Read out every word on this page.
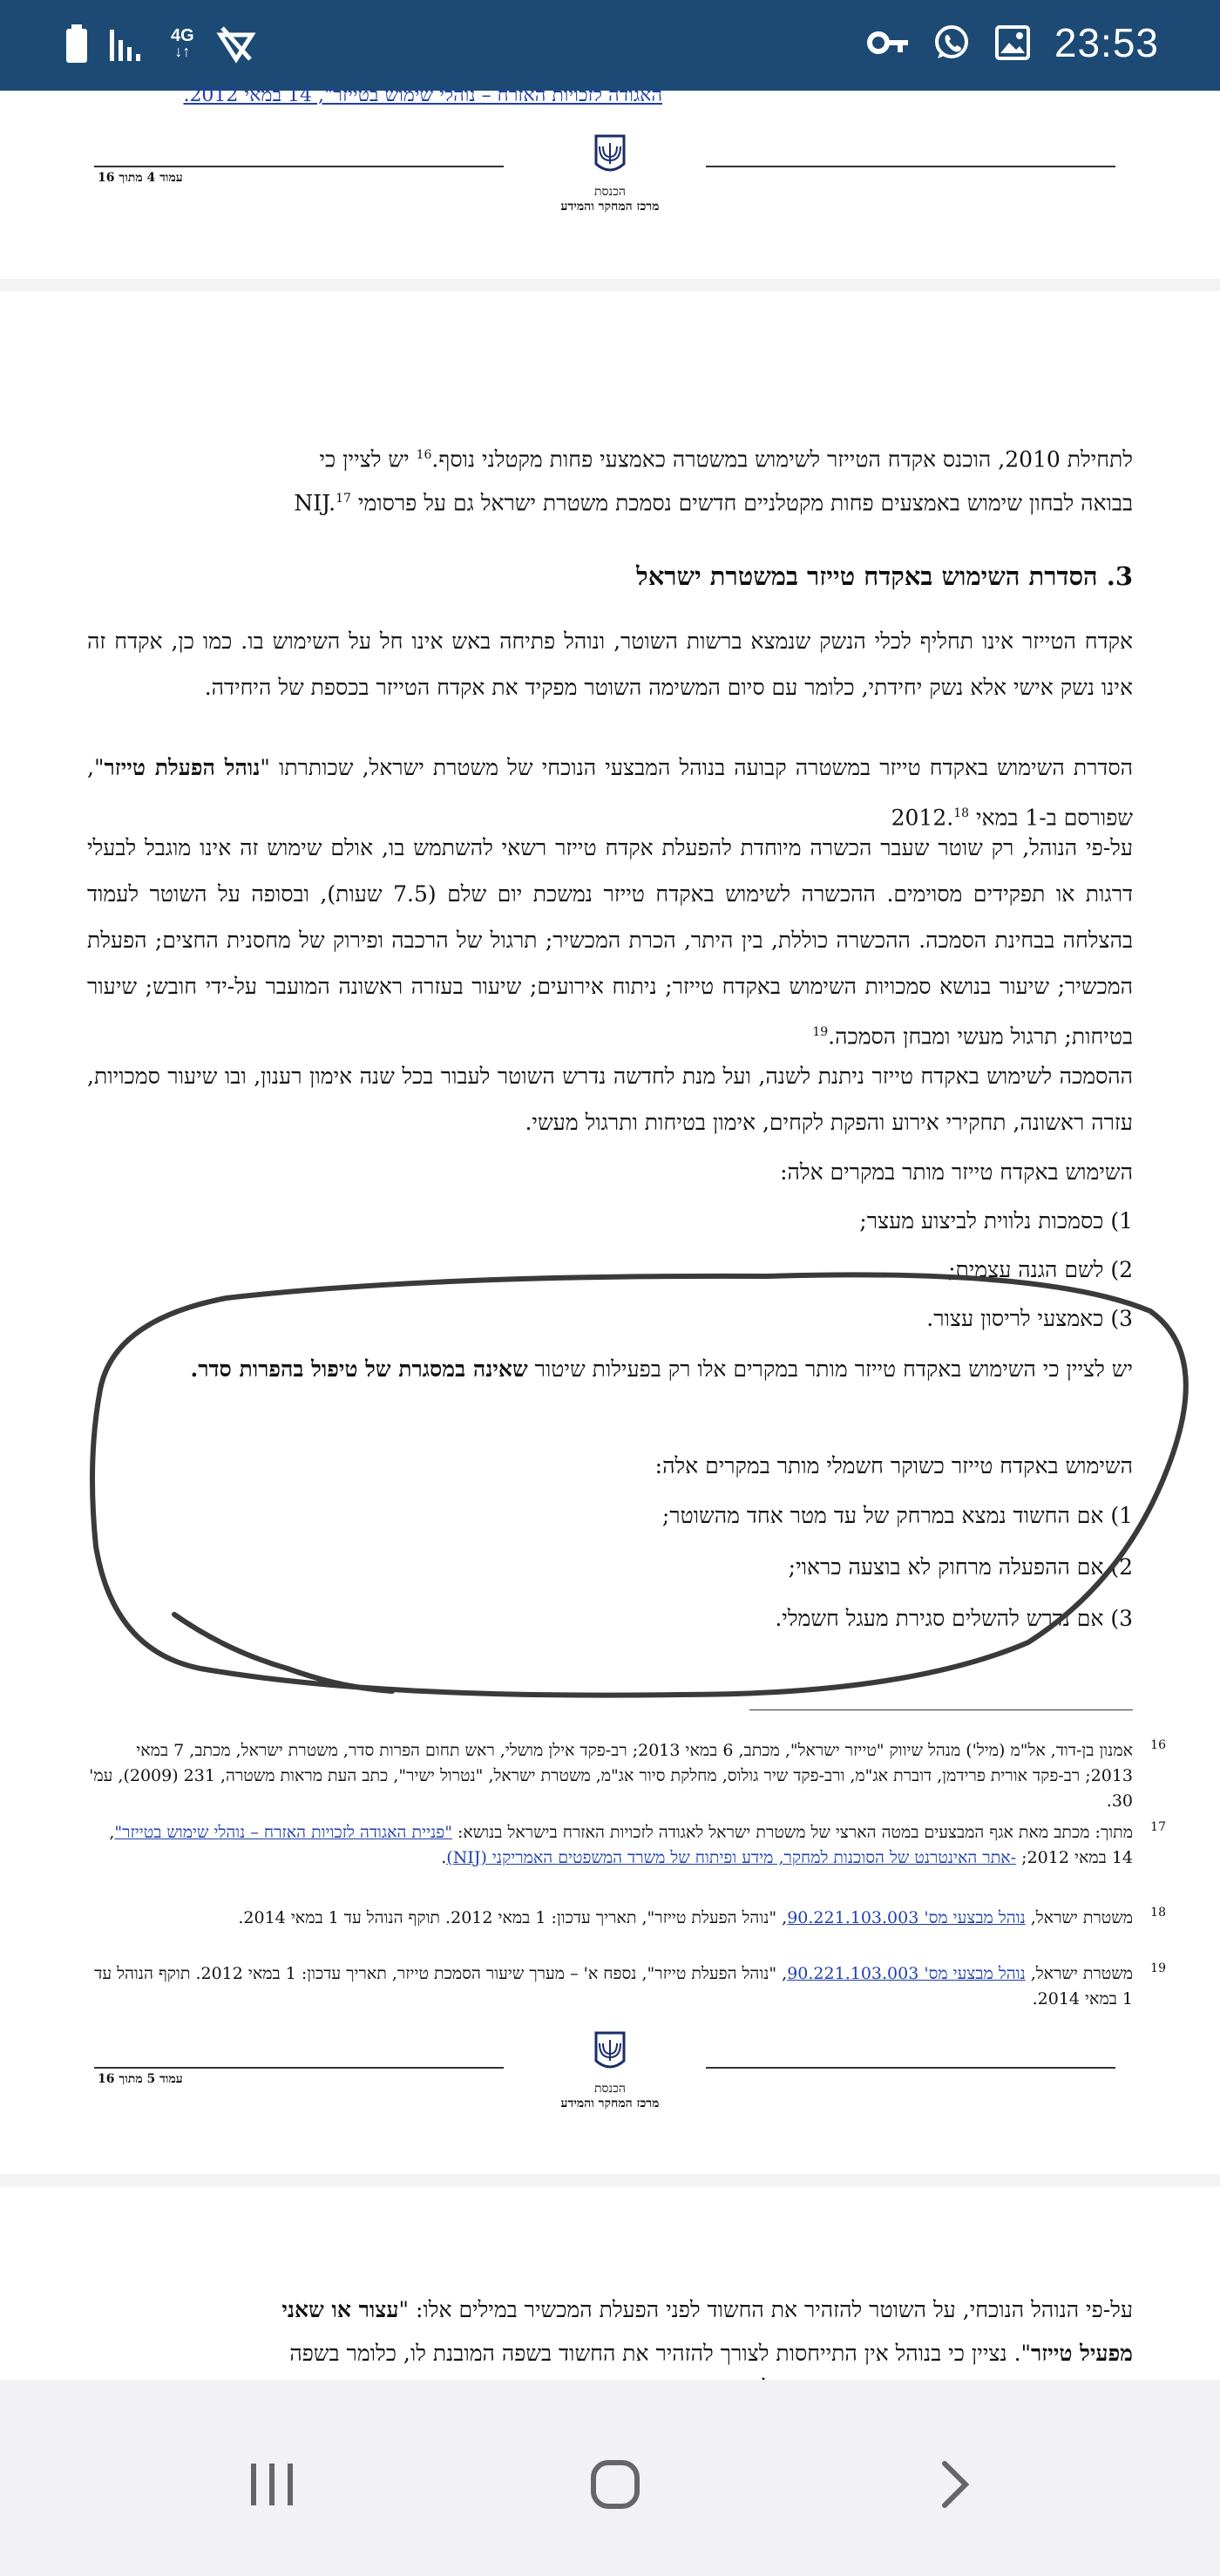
4G
↓↑	23:53
האגודה לזכויות האזרח – נוהלי שימוש בטייזר", 14 במאי 2012.
עמוד 4 מתוך 16
הכנסת
מרכז המחקר והמידע
לתחילת 2010, הוכנס אקדח הטייזר לשימוש במשטרה כאמצעי פחות מקטלני נוסף.$^{16}$ יש לציין כי
בבואה לבחון שימוש באמצעים פחות מקטלניים חדשים נסמכת משטרת ישראל גם על פרסומי NIJ.$^{17}$
3. הסדרת השימוש באקדח טייזר במשטרת ישראל
אקדח הטייזר אינו תחליף לכלי הנשק שנמצא ברשות השוטר, ונוהל פתיחה באש אינו חל על השימוש בו. כמו כן, אקדח זה אינו נשק אישי אלא נשק יחידתי, כלומר עם סיום המשימה השוטר מפקיד את אקדח הטייזר בכספת של היחידה.
הסדרת השימוש באקדח טייזר במשטרה קבועה בנוהל המבצעי הנוכחי של משטרת ישראל, שכותרתו "נוהל הפעלת טייזר", שפורסם ב-1 במאי 2012.18
על-פי הנוהל, רק שוטר שעבר הכשרה מיוחדת להפעלת אקדח טייזר רשאי להשתמש בו, אולם שימוש זה אינו מוגבל לבעלי דרגות או תפקידים מסוימים. ההכשרה לשימוש באקדח טייזר נמשכת יום שלם (7.5 שעות), ובסופה על השוטר לעמוד בהצלחה בבחינת הסמכה. ההכשרה כוללת, בין היתר, הכרת המכשיר; תרגול של הרכבה ופירוק של מחסנית החצים; הפעלת המכשיר; שיעור בנושא סמכויות השימוש באקדח טייזר; ניתוח אירועים; שיעור בעזרה ראשונה המועבר על-ידי חובש; שיעור בטיחות; תרגול מעשי ומבחן הסמכה.$^{19}$
ההסמכה לשימוש באקדח טייזר ניתנת לשנה, ועל מנת לחדשה נדרש השוטר לעבור בכל שנה אימון רענון, ובו שיעור סמכויות, עזרה ראשונה, תחקירי אירוע והפקת לקחים, אימון בטיחות ותרגול מעשי.
השימוש באקדח טייזר מותר במקרים אלה:
1) כסמכות נלווית לביצוע מעצר;
2) לשם הגנה עצמית;
3) כאמצעי לריסון עצור.
יש לציין כי השימוש באקדח טייזר מותר במקרים אלו רק בפעילות שיטור שאינה במסגרת של טיפול בהפרות סדר.
השימוש באקדח טייזר כשוקר חשמלי מותר במקרים אלה:
1) אם החשוד נמצא במרחק של עד מטר אחד מהשוטר;
2) אם ההפעלה מרחוק לא בוצעה כראוי;
3) אם נדרש להשלים סגירת מעגל חשמלי.
16
אמנון בן-דוד, אל"מ (מיל') מנהל שיווק "טייזר ישראל", מכתב, 6 במאי 2013; רב-פקד אילן מושלי, ראש תחום הפרות סדר, משטרת ישראל, מכתב, 7 במאי 2013; רב-פקד אורית פרידמן, דוברת אג"מ, ורב-פקד שיר גולוס, מחלקת סיור אג"מ, משטרת ישראל, "נטרול ישיר", כתב העת מראות משטרה, 231 (2009), עמ' 30.
17
מתוך: מכתב מאת אגף המבצעים במטה הארצי של משטרת ישראל לאגודה לזכויות האזרח בישראל בנושא: "פניית האגודה לזכויות האזרח – נוהלי שימוש בטייזר", 14 במאי 2012; -אתר האינטרנט של הסוכנות למחקר, מידע ופיתוח של משרד המשפטים האמריקני (NIJ).
18
משטרת ישראל, נוהל מבצעי מס' 90.221.103.003, "נוהל הפעלת טייזר", תאריך עדכון: 1 במאי 2012. תוקף הנוהל עד 1 במאי 2014.
19
משטרת ישראל, נוהל מבצעי מס' 90.221.103.003, "נוהל הפעלת טייזר", נספח א' – מערך שיעור הסמכת טייזר, תאריך עדכון: 1 במאי 2012. תוקף הנוהל עד 1 במאי 2014.
עמוד 5 מתוך 16
הכנסת
מרכז המחקר והמידע
על-פי הנוהל הנוכחי, על השוטר להזהיר את החשוד לפני הפעלת המכשיר במילים אלו: "עצור או שאני
מפעיל טייזר". נציין כי בנוהל אין התייחסות לצורך להזהיר את החשוד בשפה המובנת לו, כלומר בשפה
